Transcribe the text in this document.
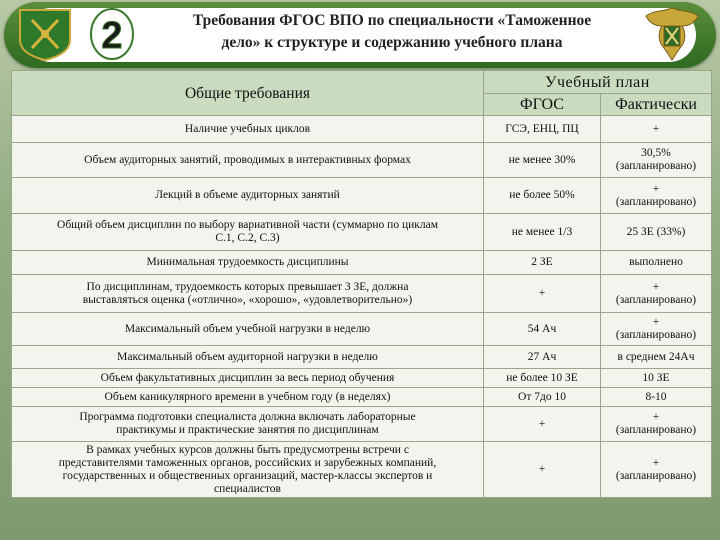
2	Требования ФГОС ВПО по специальности «Таможенное
дело» к структуре и содержанию учебного плана
Общие требования	Учебный план	
	ФГОС	Фактически
Наличие учебных циклов	ГСЭ, ЕНЦ, ПЦ	+
Объем аудиторных занятий, проводимых в интерактивных формах	не менее 30%	30,5%
(запланировано)
Лекций в объеме аудиторных занятий	не более 50%	+
(запланировано)
Общий объем дисциплин по выбору вариативной части (суммарно по циклам
С.1, С.2, С.3)	не менее 1/3	25 ЗЕ (33%)
Минимальная трудоемкость дисциплины	2 ЗЕ	выполнено
По дисциплинам, трудоемкость которых превышает 3 ЗЕ, должна
выставляться оценка («отлично», «хорошо», «удовлетворительно»)	+	+
(запланировано)
Максимальный объем учебной нагрузки в неделю	54 Ач	+
(запланировано)
Максимальный объем аудиторной нагрузки в неделю	27 Ач	в среднем 24Ач
Объем факультативных дисциплин за весь период обучения	не более 10 ЗЕ	10 ЗЕ
Объем каникулярного времени в учебном году (в неделях)	От 7до 10	8-10
Программа подготовки специалиста должна включать лабораторные
практикумы и практические занятия по дисциплинам	+	+
(запланировано)
В рамках учебных курсов должны быть предусмотрены встречи с
представителями таможенных органов, российских и зарубежных компаний,
государственных и общественных организаций, мастер-классы экспертов и
специалистов	+	+
(запланировано)
